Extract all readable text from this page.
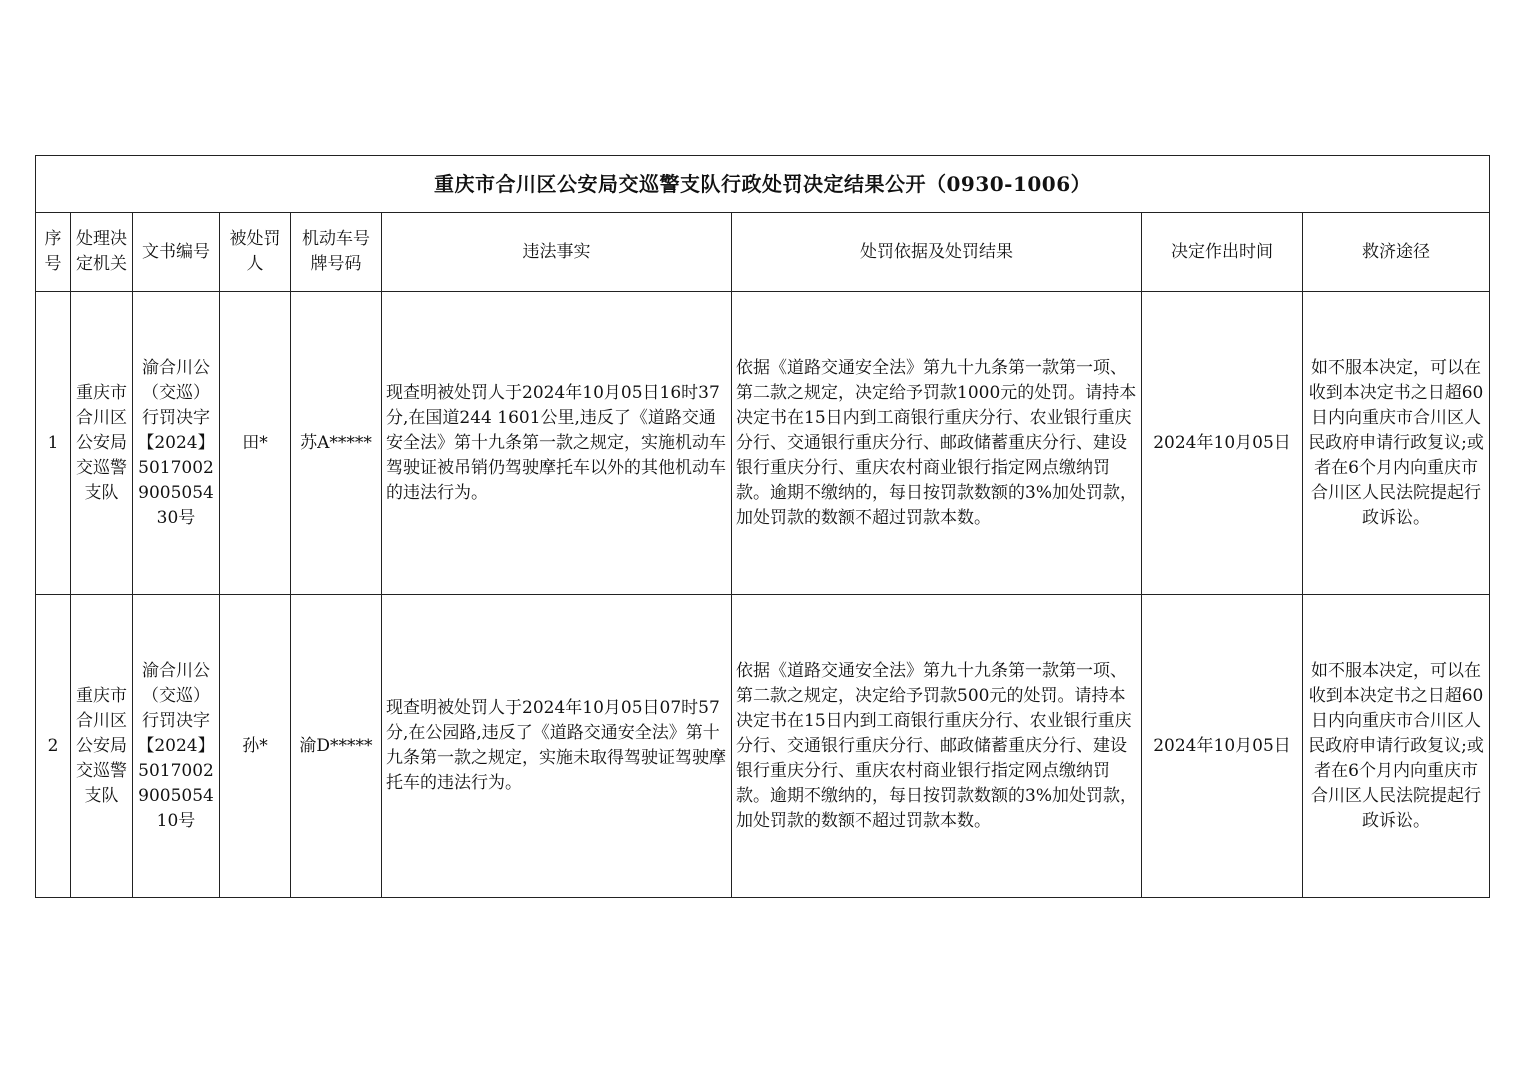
重庆市合川区公安局交巡警支队行政处罚决定结果公开（0930-1006）								
序号	处理决定机关	文书编号	被处罚人	机动车号牌号码	违法事实	处罚依据及处罚结果	决定作出时间	救济途径
1	重庆市合川区公安局交巡警支队	渝合川公（交巡）行罚决字【2024】5017002900505430号	田*	苏A*****	现查明被处罚人于2024年10月05日16时37分,在国道244 1601公里,违反了《道路交通安全法》第十九条第一款之规定，实施机动车驾驶证被吊销仍驾驶摩托车以外的其他机动车的违法行为。	依据《道路交通安全法》第九十九条第一款第一项、第二款之规定，决定给予罚款1000元的处罚。请持本决定书在15日内到工商银行重庆分行、农业银行重庆分行、交通银行重庆分行、邮政储蓄重庆分行、建设银行重庆分行、重庆农村商业银行指定网点缴纳罚款。逾期不缴纳的，每日按罚款数额的3%加处罚款，加处罚款的数额不超过罚款本数。	2024年10月05日	如不服本决定，可以在收到本决定书之日超60日内向重庆市合川区人民政府申请行政复议;或者在6个月内向重庆市合川区人民法院提起行政诉讼。
2	重庆市合川区公安局交巡警支队	渝合川公（交巡）行罚决字【2024】5017002900505410号	孙*	渝D*****	现查明被处罚人于2024年10月05日07时57分,在公园路,违反了《道路交通安全法》第十九条第一款之规定，实施未取得驾驶证驾驶摩托车的违法行为。	依据《道路交通安全法》第九十九条第一款第一项、第二款之规定，决定给予罚款500元的处罚。请持本决定书在15日内到工商银行重庆分行、农业银行重庆分行、交通银行重庆分行、邮政储蓄重庆分行、建设银行重庆分行、重庆农村商业银行指定网点缴纳罚款。逾期不缴纳的，每日按罚款数额的3%加处罚款，加处罚款的数额不超过罚款本数。	2024年10月05日	如不服本决定，可以在收到本决定书之日超60日内向重庆市合川区人民政府申请行政复议;或者在6个月内向重庆市合川区人民法院提起行政诉讼。
